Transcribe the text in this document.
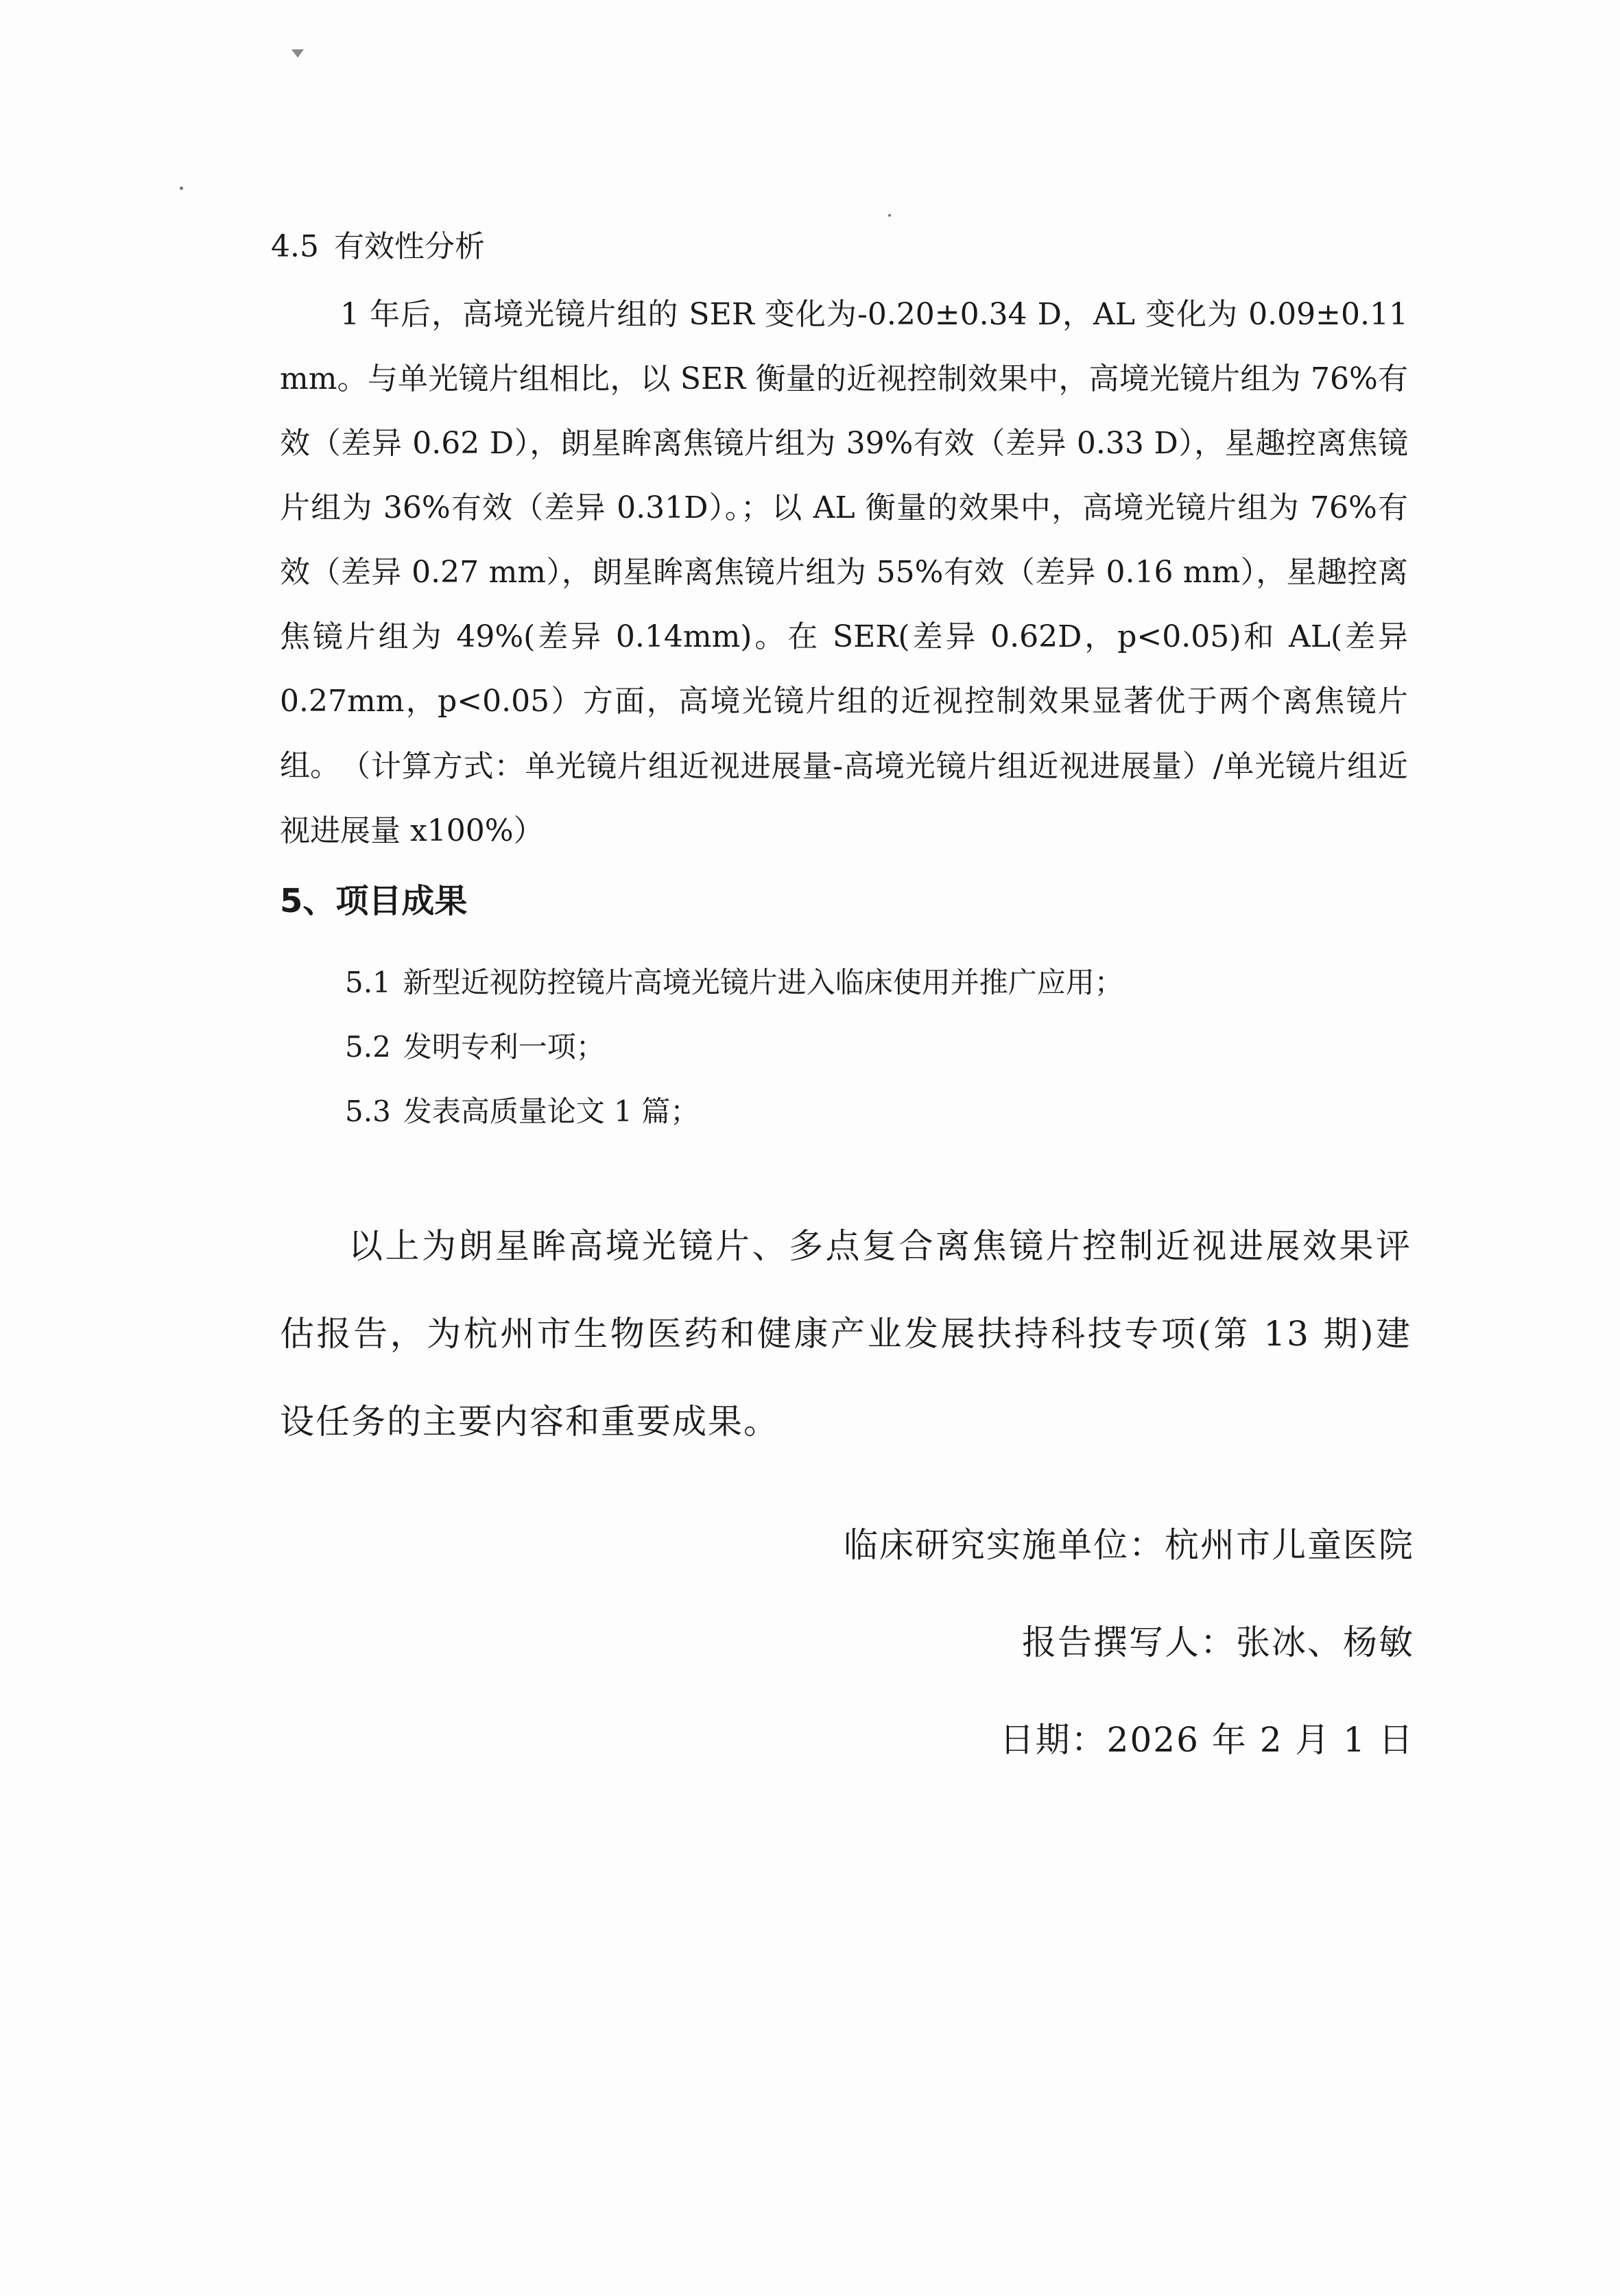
4.5 有效性分析

1 年后，高境光镜片组的 SER 变化为-0.20±0.34 D，AL 变化为 0.09±0.11 mm。与单光镜片组相比，以 SER 衡量的近视控制效果中，高境光镜片组为 76%有效（差异 0.62 D），朗星眸离焦镜片组为 39%有效（差异 0.33 D），星趣控离焦镜片组为 36%有效（差异 0.31D）。；以 AL 衡量的效果中，高境光镜片组为 76%有效（差异 0.27 mm），朗星眸离焦镜片组为 55%有效（差异 0.16 mm），星趣控离焦镜片组为 49%(差异 0.14mm)。在 SER(差异 0.62D，p<0.05)和 AL(差异 0.27mm，p<0.05）方面，高境光镜片组的近视控制效果显著优于两个离焦镜片组。 （计算方式：单光镜片组近视进展量-高境光镜片组近视进展量）/单光镜片组近视进展量 x100%）

5、项目成果
5.1 新型近视防控镜片高境光镜片进入临床使用并推广应用；
5.2 发明专利一项；
5.3 发表高质量论文 1 篇；

以上为朗星眸高境光镜片、多点复合离焦镜片控制近视进展效果评估报告，为杭州市生物医药和健康产业发展扶持科技专项(第 13 期)建设任务的主要内容和重要成果。

临床研究实施单位：杭州市儿童医院
报告撰写人：张冰、杨敏
日期：2026 年 2 月 1 日
